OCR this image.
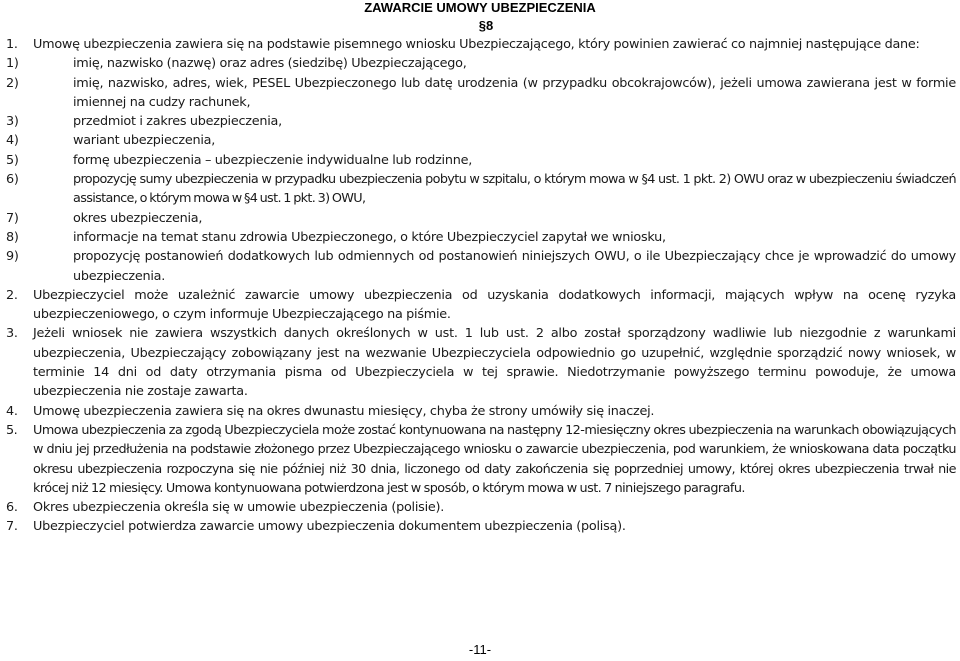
ZAWARCIE UMOWY UBEZPIECZENIA
§8
1. Umowę ubezpieczenia zawiera się na podstawie pisemnego wniosku Ubezpieczającego, który powinien zawierać co najmniej następujące dane:
1)	imię, nazwisko (nazwę) oraz adres (siedzibę) Ubezpieczającego,
2)	imię, nazwisko, adres, wiek, PESEL Ubezpieczonego lub datę urodzenia (w przypadku obcokrajowców), jeżeli umowa zawierana jest w formie imiennej na cudzy rachunek,
3)	przedmiot i zakres ubezpieczenia,
4)	wariant ubezpieczenia,
5)	formę ubezpieczenia – ubezpieczenie indywidualne lub rodzinne,
6)	propozycję sumy ubezpieczenia w przypadku ubezpieczenia pobytu w szpitalu, o którym mowa w §4 ust. 1 pkt. 2) OWU oraz w ubezpieczeniu świadczeń assistance, o którym mowa w §4 ust. 1 pkt. 3) OWU,
7)	okres ubezpieczenia,
8)	informacje na temat stanu zdrowia Ubezpieczonego, o które Ubezpieczyciel zapytał we wniosku,
9)	propozycję postanowień dodatkowych lub odmiennych od postanowień niniejszych OWU, o ile Ubezpieczający chce je wprowadzić do umowy ubezpieczenia.
2. Ubezpieczyciel może uzależnić zawarcie umowy ubezpieczenia od uzyskania dodatkowych informacji, mających wpływ na ocenę ryzyka ubezpieczeniowego, o czym informuje Ubezpieczającego na piśmie.
3. Jeżeli wniosek nie zawiera wszystkich danych określonych w ust. 1 lub ust. 2 albo został sporządzony wadliwie lub niezgodnie z warunkami ubezpieczenia, Ubezpieczający zobowiązany jest na wezwanie Ubezpieczyciela odpowiednio go uzupełnić, względnie sporządzić nowy wniosek, w terminie 14 dni od daty otrzymania pisma od Ubezpieczyciela w tej sprawie. Niedotrzymanie powyższego terminu powoduje, że umowa ubezpieczenia nie zostaje zawarta.
4. Umowę ubezpieczenia zawiera się na okres dwunastu miesięcy, chyba że strony umówiły się inaczej.
5. Umowa ubezpieczenia za zgodą Ubezpieczyciela może zostać kontynuowana na następny 12-miesięczny okres ubezpieczenia na warunkach obowiązujących w dniu jej przedłużenia na podstawie złożonego przez Ubezpieczającego wniosku o zawarcie ubezpieczenia, pod warunkiem, że wnioskowana data początku okresu ubezpieczenia rozpoczyna się nie później niż 30 dnia, liczonego od daty zakończenia się poprzedniej umowy, której okres ubezpieczenia trwał nie krócej niż 12 miesięcy. Umowa kontynuowana potwierdzona jest w sposób, o którym mowa w ust. 7 niniejszego paragrafu.
6. Okres ubezpieczenia określa się w umowie ubezpieczenia (polisie).
7. Ubezpieczyciel potwierdza zawarcie umowy ubezpieczenia dokumentem ubezpieczenia (polisą).
-11-
